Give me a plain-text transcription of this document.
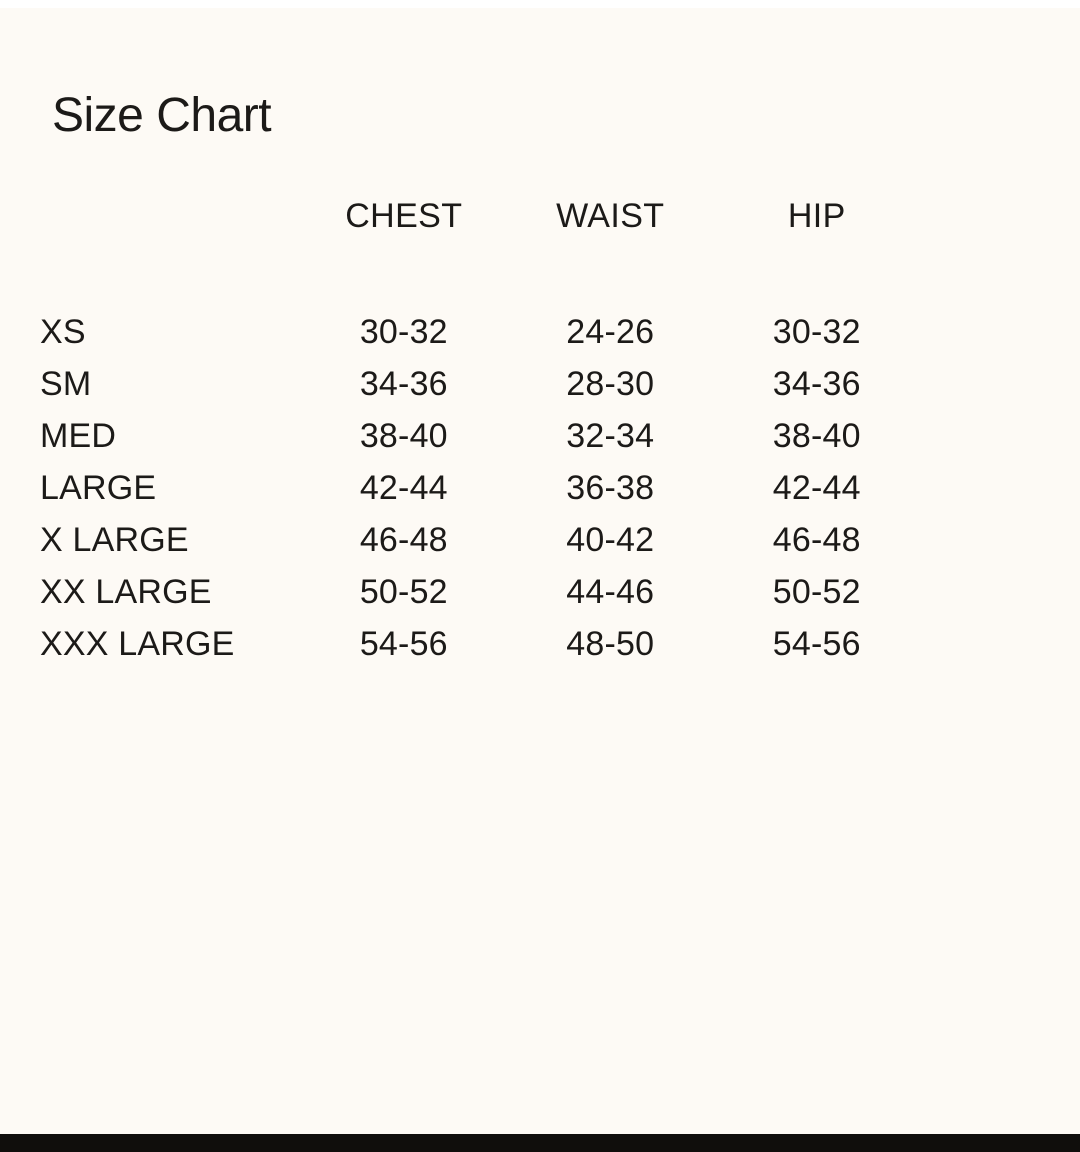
Size Chart
	CHEST	WAIST	HIP

XS	30-32	24-26	30-32
SM	34-36	28-30	34-36
MED	38-40	32-34	38-40
LARGE	42-44	36-38	42-44
X LARGE	46-48	40-42	46-48
XX LARGE	50-52	44-46	50-52
XXX LARGE	54-56	48-50	54-56
